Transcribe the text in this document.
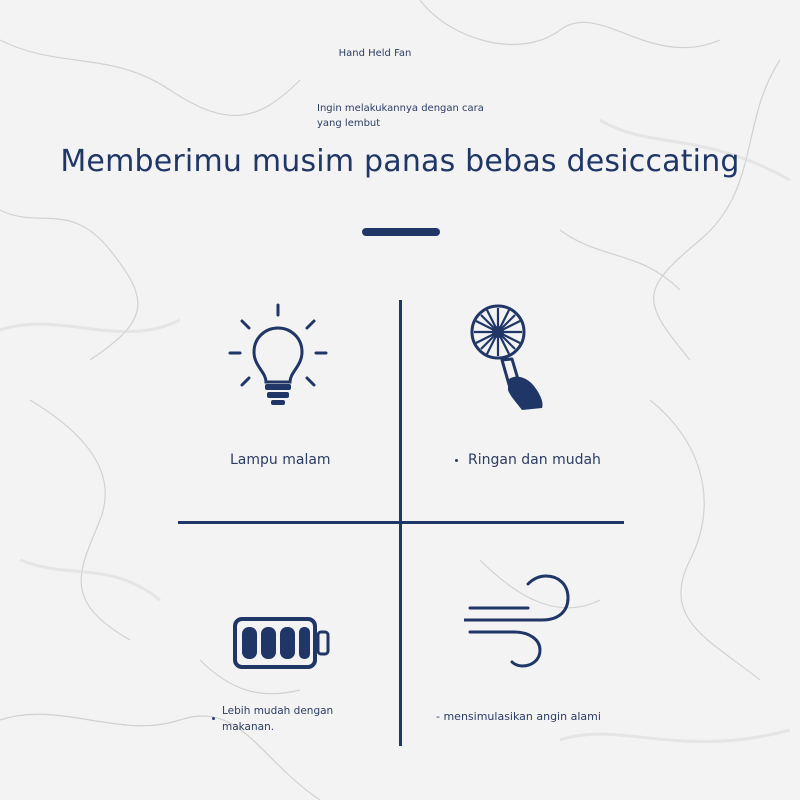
Hand Held Fan
Ingin melakukannya dengan cara yang lembut
Memberimu musim panas bebas desiccating
Lampu malam	Ringan dan mudah
Lebih mudah dengan makanan.
- mensimulasikan angin alami
